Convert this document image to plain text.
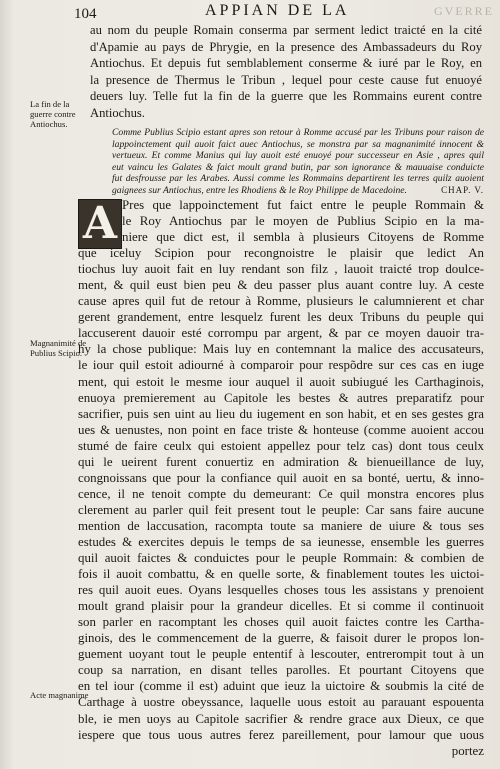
104	APPIAN DE LA	GVERRE
au nom du peuple Romain conserma par serment ledict traicté en la cité
d'Apamie au pays de Phrygie, en la presence des Ambassadeurs du Roy
Antiochus. Et depuis fut semblablement conserme & iuré par le Roy, en
la presence de Thermus le Tribun , lequel pour ceste cause fut enuoyé
deuers luy. Telle fut la fin de la guerre que les Rommains eurent contre
Antiochus.
Comme Publius Scipio estant apres son retour à Romme accusé par les Tribuns pour raison de
lappoinctement quil auoit faict auec Antiochus, se monstra par sa magnanimité innocent &
vertueux. Et comme Manius qui luy auoit esté enuoyé pour successeur en Asie , apres quil
eut vaincu les Galates & faict moult grand butin, par son ignorance & mauuaise conduicte
fut desfrousse par les Arabes. Aussi comme les Rommains departirent les terres quilz auoient
gaignees sur Antiochus, entre les Rhodiens & le Roy Philippe de Macedoine.	CHAP. V.
A Pres que lappoinctement fut faict entre le peuple Rommain &
le Roy Antiochus par le moyen de Publius Scipio en la ma-
niere que dict est, il sembla à plusieurs Citoyens de Romme
que iceluy Scipion pour recongnoistre le plaisir que ledict An
tiochus luy auoit fait en luy rendant son filz , lauoit traicté trop doulce-
ment, & quil eust bien peu & deu passer plus auant contre luy. A ceste
cause apres quil fut de retour à Romme, plusieurs le calumnierent et char
gerent grandement, entre lesquelz furent les deux Tribuns du peuple qui
laccuserent dauoir esté corrompu par argent, & par ce moyen dauoir tra-
hy la chose publique: Mais luy en contemnant la malice des accusateurs,
le iour quil estoit adiourné à comparoir pour respõdre sur ces cas en iuge
ment, qui estoit le mesme iour auquel il auoit subiugué les Carthaginois,
enuoya premierement au Capitole les bestes & autres preparatifz pour
sacrifier, puis sen uint au lieu du iugement en son habit, et en ses gestes gra
ues & uenustes, non point en face triste & honteuse (comme auoient accou
stumé de faire ceulx qui estoient appellez pour telz cas) dont tous ceulx
qui le ueirent furent conuertiz en admiration & bienueillance de luy,
congnoissans que pour la confiance quil auoit en sa bonté, uertu, & inno-
cence, il ne tenoit compte du demeurant: Ce quil monstra encores plus
clerement au parler quil feit present tout le peuple: Car sans faire aucune
mention de laccusation, racompta toute sa maniere de uiure & tous ses
estudes & exercites depuis le temps de sa ieunesse, ensemble les guerres
quil auoit faictes & conduictes pour le peuple Rommain: & combien de
fois il auoit combattu, & en quelle sorte, & finablement toutes les uictoi-
res quil auoit eues. Oyans lesquelles choses tous les assistans y prenoient
moult grand plaisir pour la grandeur dicelles. Et si comme il continuoit
son parler en racomptant les choses quil auoit faictes contre les Cartha-
ginois, des le commencement de la guerre, & faisoit durer le propos lon-
guement uoyant tout le peuple ententif à lescouter, entrerompit tout à un
coup sa narration, en disant telles parolles. Et pourtant Citoyens que
en tel iour (comme il est) aduint que ieuz la uictoire & soubmis la cité de
Carthage à uostre obeyssance, laquelle uous estoit au parauant espouenta
ble, ie men uoys au Capitole sacrifier & rendre grace aux Dieux, ce que
iespere que tous uous autres ferez pareillement, pour lamour que uous
portez
La fin de la guerre contre Antiochus.
Magnanimité de Publius Scipio.
Acte magnanime
